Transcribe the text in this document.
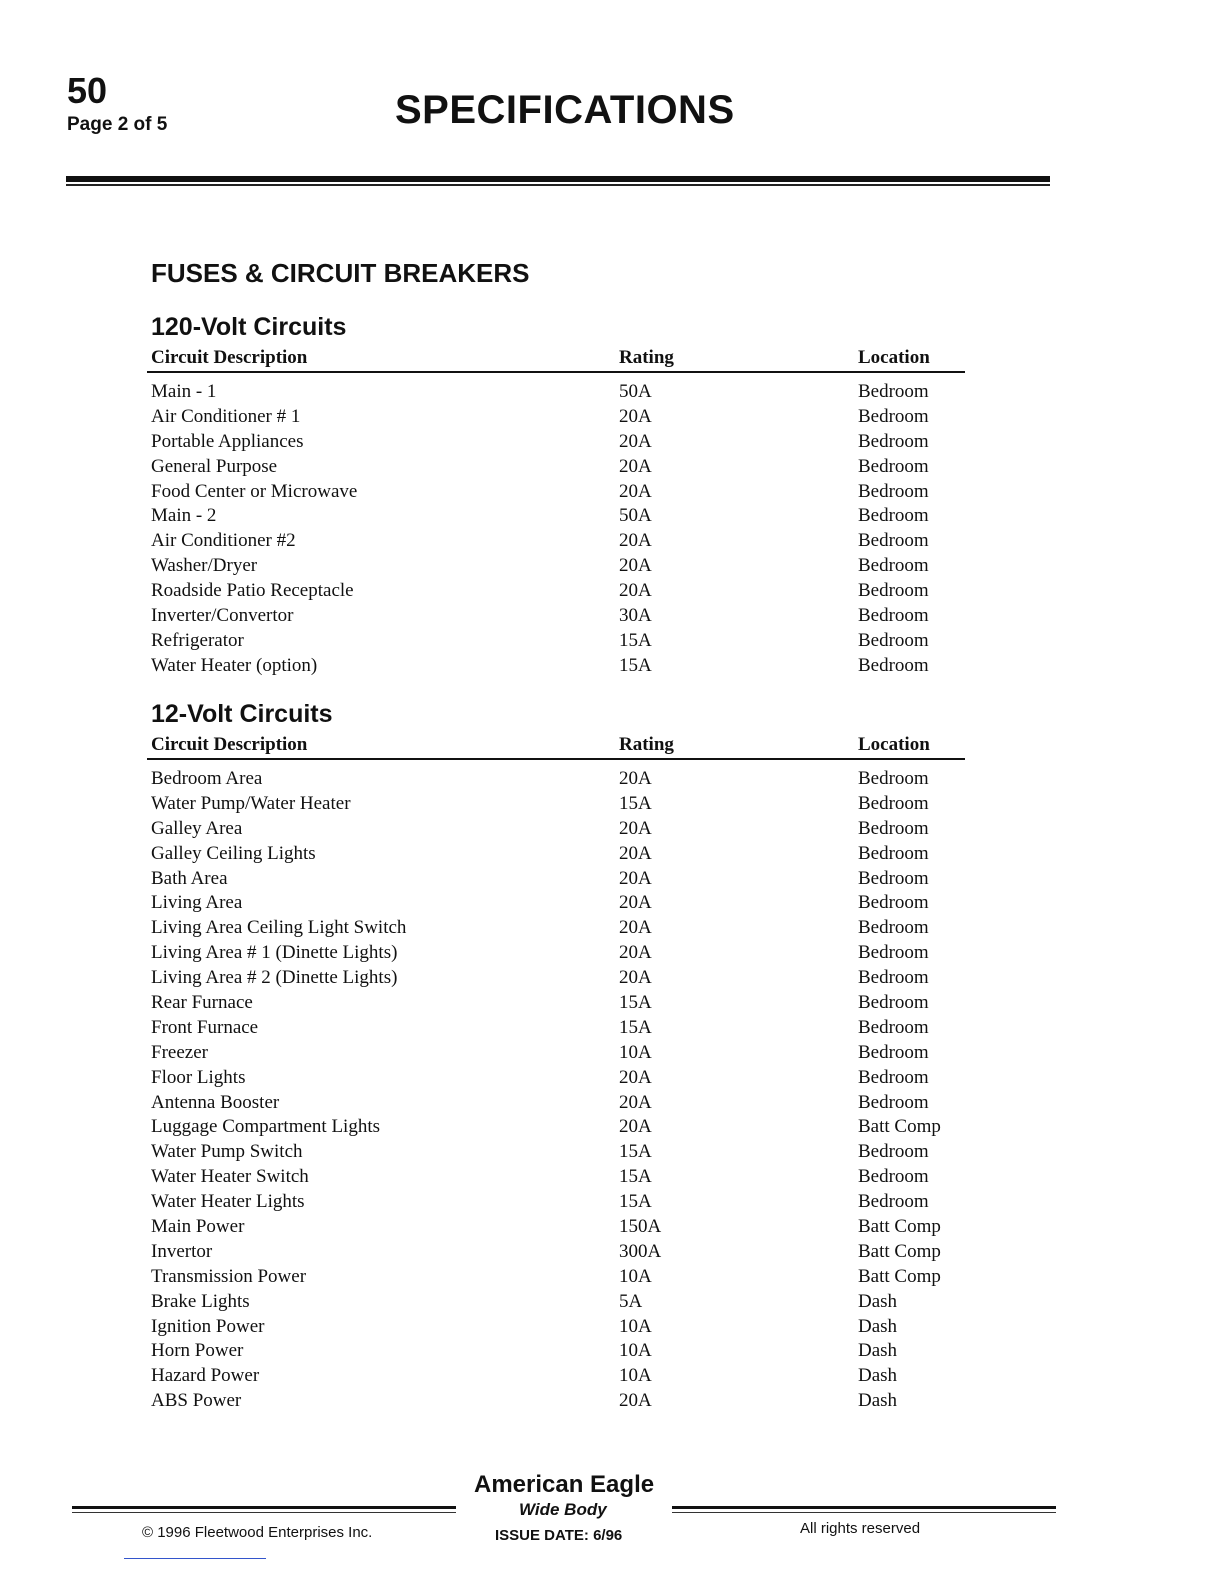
50
Page 2 of 5	SPECIFICATIONS
FUSES & CIRCUIT BREAKERS
120-Volt Circuits
Circuit Description	Rating	Location
Main - 1	50A	Bedroom
Air Conditioner # 1	20A	Bedroom
Portable Appliances	20A	Bedroom
General Purpose	20A	Bedroom
Food Center or Microwave	20A	Bedroom
Main - 2	50A	Bedroom
Air Conditioner #2	20A	Bedroom
Washer/Dryer	20A	Bedroom
Roadside Patio Receptacle	20A	Bedroom
Inverter/Convertor	30A	Bedroom
Refrigerator	15A	Bedroom
Water Heater (option)	15A	Bedroom
12-Volt Circuits
Circuit Description	Rating	Location
Bedroom Area	20A	Bedroom
Water Pump/Water Heater	15A	Bedroom
Galley Area	20A	Bedroom
Galley Ceiling Lights	20A	Bedroom
Bath Area	20A	Bedroom
Living Area	20A	Bedroom
Living Area Ceiling Light Switch	20A	Bedroom
Living Area # 1 (Dinette Lights)	20A	Bedroom
Living Area # 2 (Dinette Lights)	20A	Bedroom
Rear Furnace	15A	Bedroom
Front Furnace	15A	Bedroom
Freezer	10A	Bedroom
Floor Lights	20A	Bedroom
Antenna Booster	20A	Bedroom
Luggage Compartment Lights	20A	Batt Comp
Water Pump Switch	15A	Bedroom
Water Heater Switch	15A	Bedroom
Water Heater Lights	15A	Bedroom
Main Power	150A	Batt Comp
Invertor	300A	Batt Comp
Transmission Power	10A	Batt Comp
Brake Lights	5A	Dash
Ignition Power	10A	Dash
Horn Power	10A	Dash
Hazard Power	10A	Dash
ABS Power	20A	Dash
American Eagle
Wide Body
© 1996 Fleetwood Enterprises Inc.	ISSUE DATE: 6/96	All rights reserved
